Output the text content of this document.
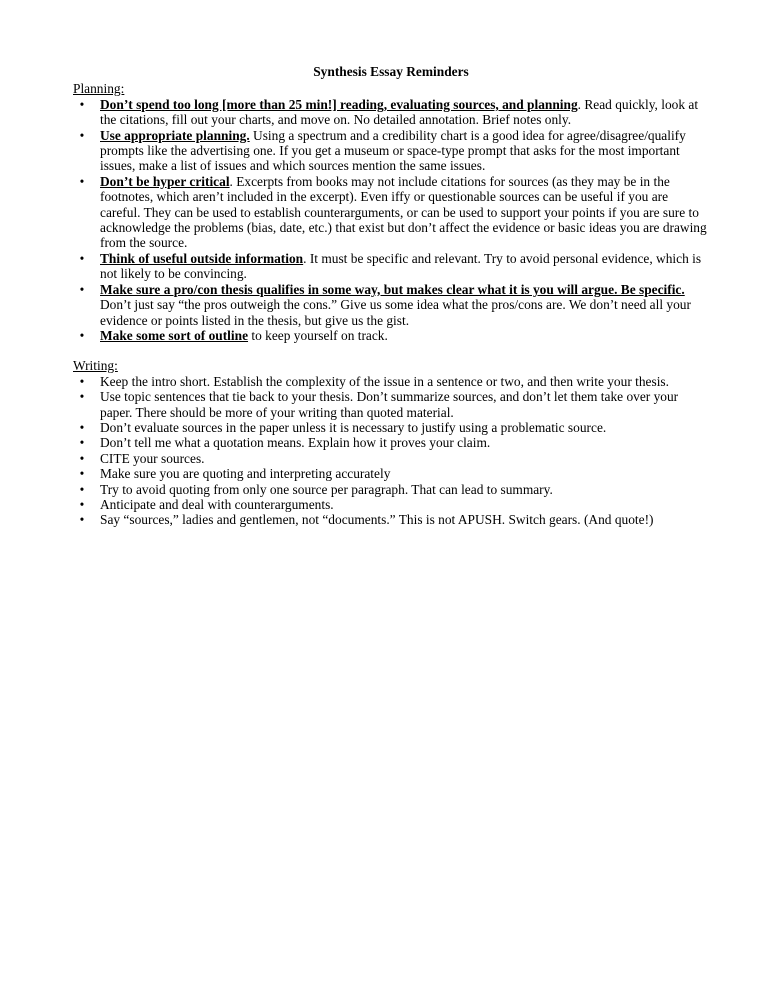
Synthesis Essay Reminders
Planning:
• Don’t spend too long [more than 25 min!] reading, evaluating sources, and planning. Read quickly, look at the citations, fill out your charts, and move on. No detailed annotation. Brief notes only.
• Use appropriate planning. Using a spectrum and a credibility chart is a good idea for agree/disagree/qualify prompts like the advertising one. If you get a museum or space-type prompt that asks for the most important issues, make a list of issues and which sources mention the same issues.
• Don’t be hyper critical. Excerpts from books may not include citations for sources (as they may be in the footnotes, which aren’t included in the excerpt). Even iffy or questionable sources can be useful if you are careful. They can be used to establish counterarguments, or can be used to support your points if you are sure to acknowledge the problems (bias, date, etc.) that exist but don’t affect the evidence or basic ideas you are drawing from the source.
• Think of useful outside information. It must be specific and relevant. Try to avoid personal evidence, which is not likely to be convincing.
• Make sure a pro/con thesis qualifies in some way, but makes clear what it is you will argue. Be specific. Don’t just say “the pros outweigh the cons.” Give us some idea what the pros/cons are. We don’t need all your evidence or points listed in the thesis, but give us the gist.
• Make some sort of outline to keep yourself on track.
Writing:
• Keep the intro short. Establish the complexity of the issue in a sentence or two, and then write your thesis.
• Use topic sentences that tie back to your thesis. Don’t summarize sources, and don’t let them take over your paper. There should be more of your writing than quoted material.
• Don’t evaluate sources in the paper unless it is necessary to justify using a problematic source.
• Don’t tell me what a quotation means. Explain how it proves your claim.
• CITE your sources.
• Make sure you are quoting and interpreting accurately
• Try to avoid quoting from only one source per paragraph. That can lead to summary.
• Anticipate and deal with counterarguments.
• Say “sources,” ladies and gentlemen, not “documents.” This is not APUSH. Switch gears. (And quote!)
